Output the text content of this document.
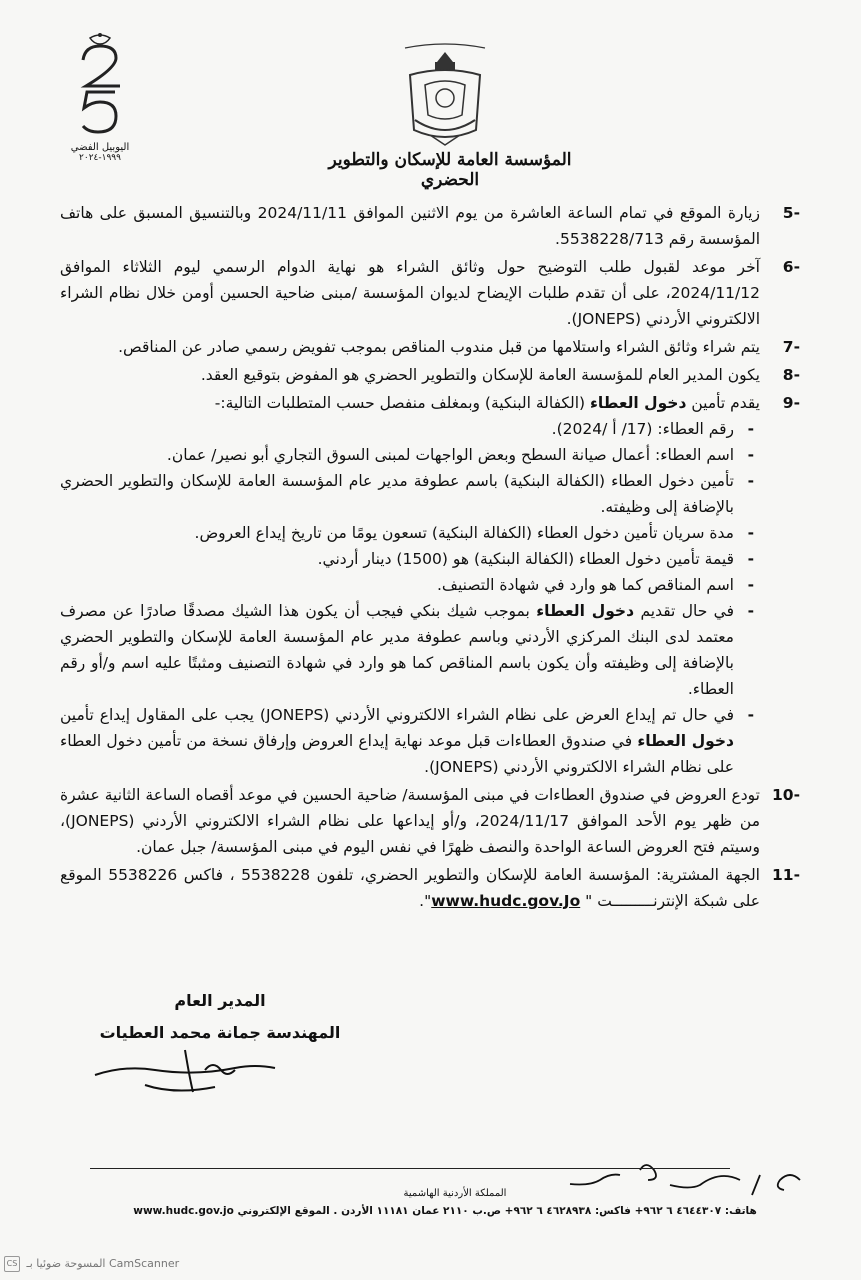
اليوبيل الفضي
١٩٩٩-٢٠٢٤	المؤسسة العامة للإسكان والتطوير الحضري
-5
زيارة الموقع في تمام الساعة العاشرة من يوم الاثنين الموافق 2024/11/11 وبالتنسيق المسبق على هاتف المؤسسة رقم 5538228/713.
-6
آخر موعد لقبول طلب التوضيح حول وثائق الشراء هو نهاية الدوام الرسمي ليوم الثلاثاء الموافق 2024/11/12، على أن تقدم طلبات الإيضاح لديوان المؤسسة /مبنى ضاحية الحسين أومن خلال نظام الشراء الالكتروني الأردني (JONEPS).
-7
يتم شراء وثائق الشراء واستلامها من قبل مندوب المناقص بموجب تفويض رسمي صادر عن المناقص.
-8
يكون المدير العام للمؤسسة العامة للإسكان والتطوير الحضري هو المفوض بتوقيع العقد.
-9
يقدم تأمين دخول العطاء (الكفالة البنكية) وبمغلف منفصل حسب المتطلبات التالية:-
- رقم العطاء: (17/ أ /2024).
- اسم العطاء: أعمال صيانة السطح وبعض الواجهات لمبنى السوق التجاري أبو نصير/ عمان.
- تأمين دخول العطاء (الكفالة البنكية) باسم عطوفة مدير عام المؤسسة العامة للإسكان والتطوير الحضري بالإضافة إلى وظيفته.
- مدة سريان تأمين دخول العطاء (الكفالة البنكية) تسعون يومًا من تاريخ إيداع العروض.
- قيمة تأمين دخول العطاء (الكفالة البنكية) هو (1500) دينار أردني.
- اسم المناقص كما هو وارد في شهادة التصنيف.
- في حال تقديم دخول العطاء بموجب شيك بنكي فيجب أن يكون هذا الشيك مصدقًا صادرًا عن مصرف معتمد لدى البنك المركزي الأردني وباسم عطوفة مدير عام المؤسسة العامة للإسكان والتطوير الحضري بالإضافة إلى وظيفته وأن يكون باسم المناقص كما هو وارد في شهادة التصنيف ومثبتًا عليه اسم و/أو رقم العطاء.
- في حال تم إيداع العرض على نظام الشراء الالكتروني الأردني (JONEPS) يجب على المقاول إيداع تأمين دخول العطاء في صندوق العطاءات قبل موعد نهاية إيداع العروض وإرفاق نسخة من تأمين دخول العطاء على نظام الشراء الالكتروني الأردني (JONEPS).
-10
تودع العروض في صندوق العطاءات في مبنى المؤسسة/ ضاحية الحسين في موعد أقصاه الساعة الثانية عشرة من ظهر يوم الأحد الموافق 2024/11/17، و/أو إيداعها على نظام الشراء الالكتروني الأردني (JONEPS)، وسيتم فتح العروض الساعة الواحدة والنصف ظهرًا في نفس اليوم في مبنى المؤسسة/ جبل عمان.
-11
الجهة المشترية: المؤسسة العامة للإسكان والتطوير الحضري، تلفون 5538228 ، فاكس 5538226 الموقع على شبكة الإنترنـــــــــت " www.hudc.gov.Jo".
المدير العام
المهندسة جمانة محمد العطيات
المملكة الأردنية الهاشمية
هاتف: ٤٦٤٤٣٠٧ ٦ ٩٦٢+ فاكس: ٤٦٢٨٩٣٨ ٦ ٩٦٢+ ص.ب ٢١١٠ عمان ١١١٨١ الأردن . الموقع الإلكتروني www.hudc.gov.jo
CS المسوحة ضوئيا بـ CamScanner
